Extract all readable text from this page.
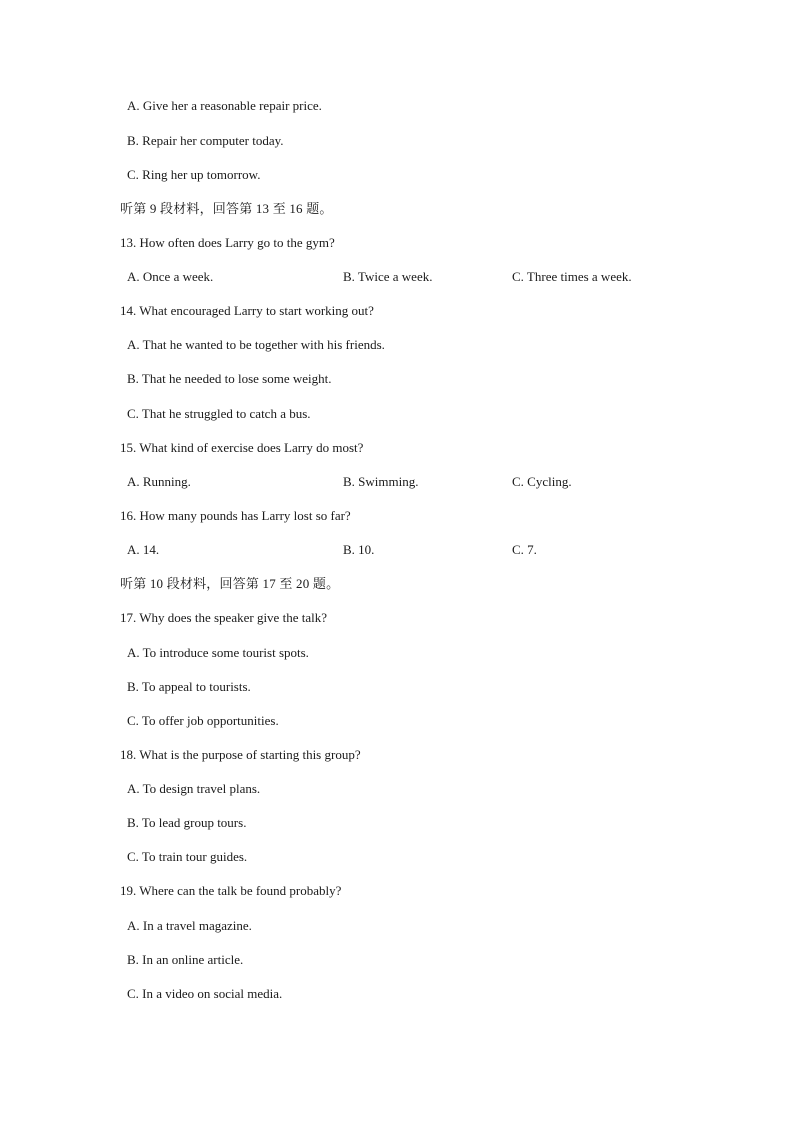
A. Give her a reasonable repair price.
B. Repair her computer today.
C. Ring her up tomorrow.
听第 9 段材料，回答第 13 至 16 题。
13. How often does Larry go to the gym?
A. Once a week.	B. Twice a week.	C. Three times a week.
14. What encouraged Larry to start working out?
A. That he wanted to be together with his friends.
B. That he needed to lose some weight.
C. That he struggled to catch a bus.
15. What kind of exercise does Larry do most?
A. Running.	B. Swimming.	C. Cycling.
16. How many pounds has Larry lost so far?
A. 14.	B. 10.	C. 7.
听第 10 段材料，回答第 17 至 20 题。
17. Why does the speaker give the talk?
A. To introduce some tourist spots.
B. To appeal to tourists.
C. To offer job opportunities.
18. What is the purpose of starting this group?
A. To design travel plans.
B. To lead group tours.
C. To train tour guides.
19. Where can the talk be found probably?
A. In a travel magazine.
B. In an online article.
C. In a video on social media.
